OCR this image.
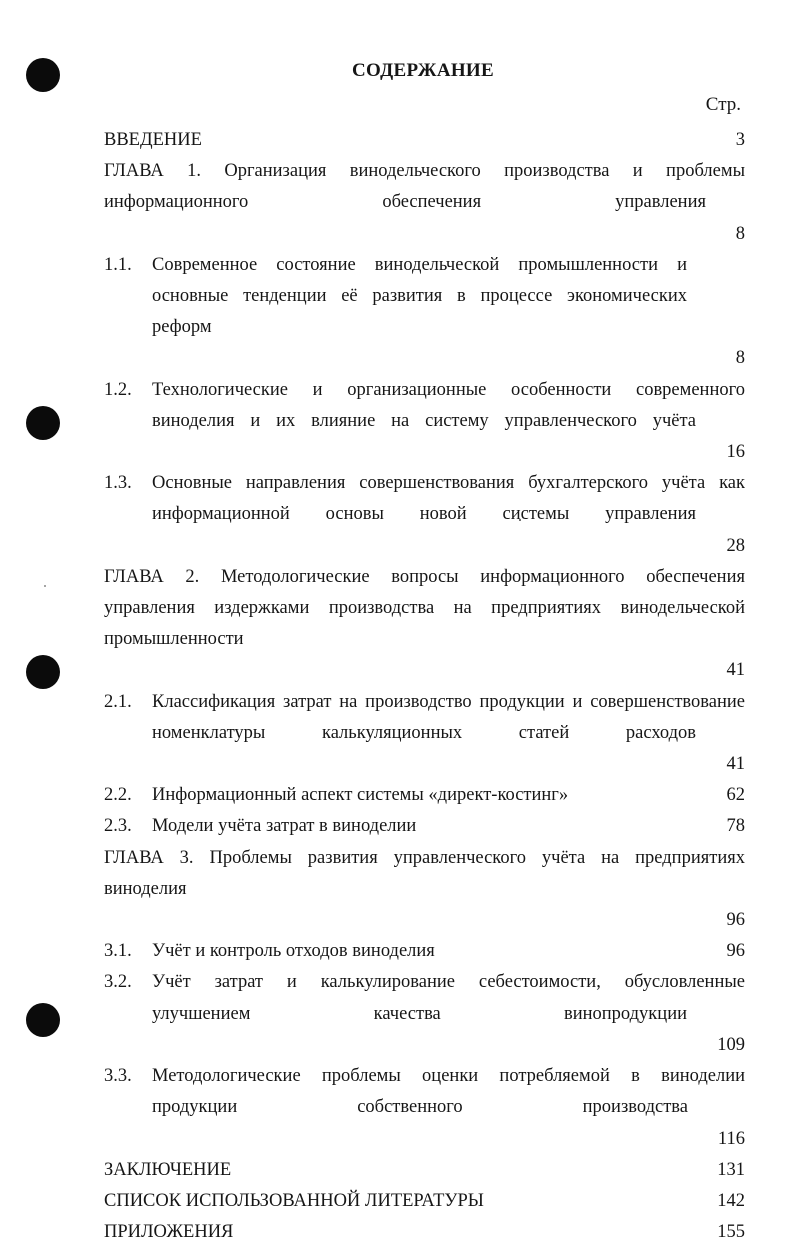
СОДЕРЖАНИЕ
Стр.
ВВЕДЕНИЕ	3
ГЛАВА 1. Организация винодельческого производства и проблемы информационного обеспечения управления
8
1.1.	Современное состояние винодельческой промышленности и основные тенденции её развития в процессе экономических реформ
8
1.2.	Технологические и организационные особенности современного виноделия и их влияние на систему управленческого учёта
16
1.3.	Основные направления совершенствования бухгалтерского учёта как информационной основы новой системы управления
28
ГЛАВА 2. Методологические вопросы информационного обеспечения управления издержками производства на предприятиях винодельческой промышленности
41
2.1.	Классификация затрат на производство продукции и совершенствование номенклатуры калькуляционных статей расходов
41
2.2.	Информационный аспект системы «директ-костинг»	62
2.3.	Модели учёта затрат в виноделии	78
ГЛАВА 3. Проблемы развития управленческого учёта на предприятиях виноделия
96
3.1.	Учёт и контроль отходов виноделия	96
3.2.	Учёт затрат и калькулирование себестоимости, обусловленные улучшением качества винопродукции
109
3.3.	Методологические проблемы оценки потребляемой в виноделии продукции собственного производства
116
ЗАКЛЮЧЕНИЕ	131
СПИСОК ИСПОЛЬЗОВАННОЙ ЛИТЕРАТУРЫ	142
ПРИЛОЖЕНИЯ	155
